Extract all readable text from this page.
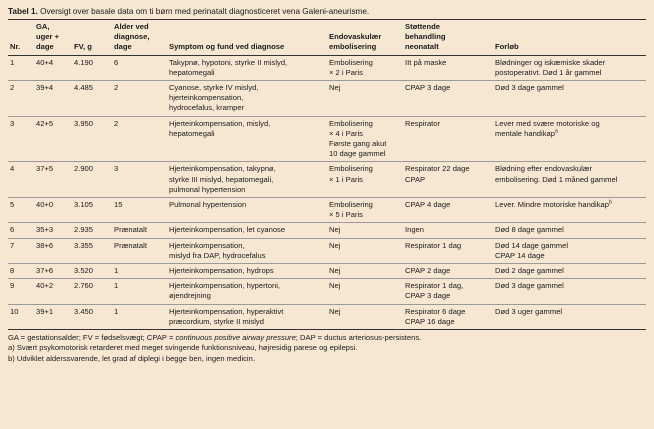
Tabel 1. Oversigt over basale data om ti børn med perinatalt diagnosticeret vena Galeni-aneurisme.
Nr.	GA,
uger +
dage	FV, g	Alder ved
diagnose,
dage	Symptom og fund ved diagnose	Endovaskulær
embolisering	Støttende
behandling
neonatalt	Forløb

1	40+4	4.190	6	Takypnø, hypotoni, styrke II mislyd,
hepatomegali	Embolisering
× 2 i Paris	IIt på maske	Blødninger og iskæmiske skader
postoperativt. Død 1 år gammel

2	39+4	4.485	2	Cyanose, styrke IV mislyd,
hjerteinkompensation,
hydrocefalus, kramper	Nej	CPAP 3 dage	Død 3 dage gammel

3	42+5	3.950	2	Hjerteinkompensation, mislyd,
hepatomegali	Embolisering
× 4 i Paris
Første gang akut
10 dage gammel	Respirator	Lever med svære motoriske og
mentale handikap$^a$

4	37+5	2.900	3	Hjerteinkompensation, takypnø,
styrke III mislyd, hepatomegali,
pulmonal hypertension	Embolisering
× 1 i Paris	Respirator 22 dage
CPAP	Blødning efter endovaskulær
embolisering. Død 1 måned gammel

5	40+0	3.105	15	Pulmonal hypertension	Embolisering
× 5 i Paris	CPAP 4 dage	Lever. Mindre motoriske handikap$^b$

6	35+3	2.935	Prænatalt	Hjerteinkompensation, let cyanose	Nej	Ingen	Død 8 dage gammel

7	38+6	3.355	Prænatalt	Hjerteinkompensation,
mislyd fra DAP, hydrocefalus	Nej	Respirator 1 dag	Død 14 dage gammel
CPAP 14 dage

8	37+6	3.520	1	Hjerteinkompensation, hydrops	Nej	CPAP 2 dage	Død 2 dage gammel

9	40+2	2.760	1	Hjerteinkompensation, hypertoni,
øjendrejning	Nej	Respirator 1 dag,
CPAP 3 dage	Død 3 dage gammel

10	39+1	3.450	1	Hjerteinkompensation, hyperaktivt
præcordium, styrke II mislyd	Nej	Respirator 6 dage
CPAP 16 dage	Død 3 uger gammel
GA = gestationsalder; FV = fødselsvægt; CPAP = continuous positive airway pressure; DAP = ductus arteriosus-persistens.
a) Svært psykomotorisk retarderet med meget svingende funktionsniveau, højresidig parese og epilepsi.
b) Udviklet alderssvarende, let grad af diplegi i begge ben, ingen medicin.
